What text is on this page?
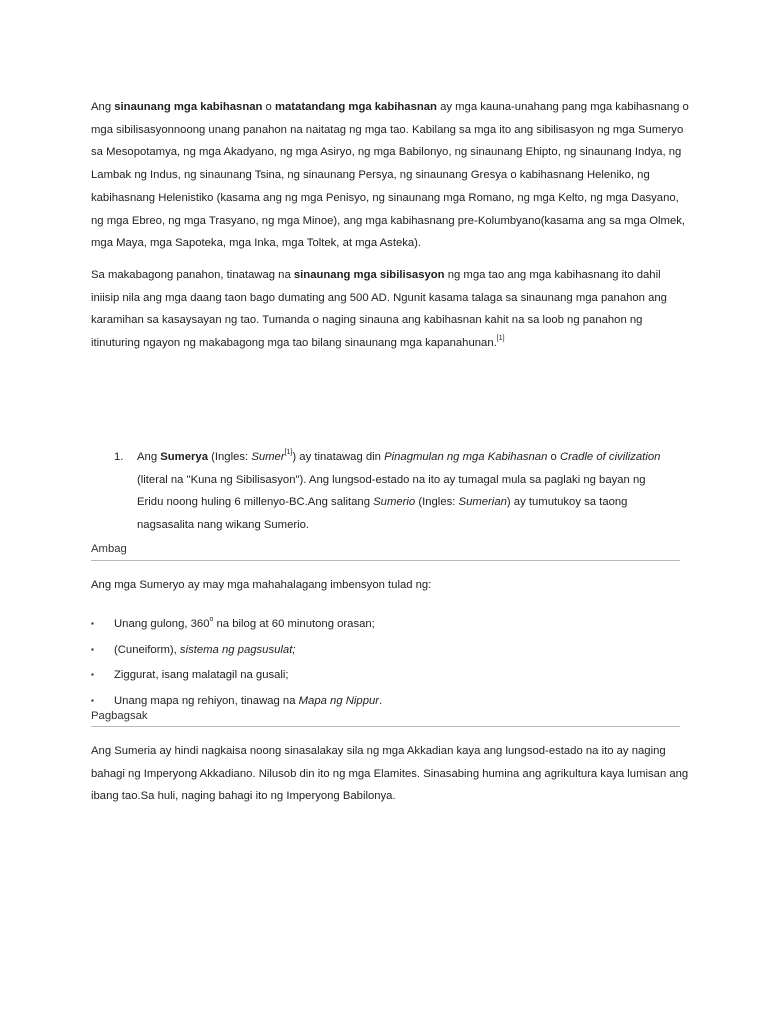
Ang sinaunang mga kabihasnan o matatandang mga kabihasnan ay mga kauna-unahang pang mga kabihasnang o mga sibilisasyonnoong unang panahon na naitatag ng mga tao. Kabilang sa mga ito ang sibilisasyon ng mga Sumeryo sa Mesopotamya, ng mga Akadyano, ng mga Asiryo, ng mga Babilonyo, ng sinaunang Ehipto, ng sinaunang Indya, ng Lambak ng Indus, ng sinaunang Tsina, ng sinaunang Persya, ng sinaunang Gresya o kabihasnang Heleniko, ng kabihasnang Helenistiko (kasama ang ng mga Penisyo, ng sinaunang mga Romano, ng mga Kelto, ng mga Dasyano, ng mga Ebreo, ng mga Trasyano, ng mga Minoe), ang mga kabihasnang pre-Kolumbyano(kasama ang sa mga Olmek, mga Maya, mga Sapoteka, mga Inka, mga Toltek, at mga Asteka).

Sa makabagong panahon, tinatawag na sinaunang mga sibilisasyon ng mga tao ang mga kabihasnang ito dahil iniisip nila ang mga daang taon bago dumating ang 500 AD. Ngunit kasama talaga sa sinaunang mga panahon ang karamihan sa kasaysayan ng tao. Tumanda o naging sinauna ang kabihasnan kahit na sa loob ng panahon ng itinuturing ngayon ng makabagong mga tao bilang sinaunang mga kapanahunan.[1]

1. Ang Sumerya (Ingles: Sumer[1]) ay tinatawag din Pinagmulan ng mga Kabihasnan o Cradle of civilization (literal na "Kuna ng Sibilisasyon"). Ang lungsod-estado na ito ay tumagal mula sa paglaki ng bayan ng Eridu noong huling 6 millenyo-BC.Ang salitang Sumerio (Ingles: Sumerian) ay tumutukoy sa taong nagsasalita nang wikang Sumerio.
Ambag

Ang mga Sumeryo ay may mga mahahalagang imbensyon tulad ng:

▪ Unang gulong, 360$^o$ na bilog at 60 minutong orasan;
▪ (Cuneiform), sistema ng pagsusulat;
▪ Ziggurat, isang malatagil na gusali;
▪ Unang mapa ng rehiyon, tinawag na Mapa ng Nippur.
Pagbagsak

Ang Sumeria ay hindi nagkaisa noong sinasalakay sila ng mga Akkadian kaya ang lungsod-estado na ito ay naging bahagi ng Imperyong Akkadiano. Nilusob din ito ng mga Elamites. Sinasabing humina ang agrikultura kaya lumisan ang ibang tao.Sa huli, naging bahagi ito ng Imperyong Babilonya.
